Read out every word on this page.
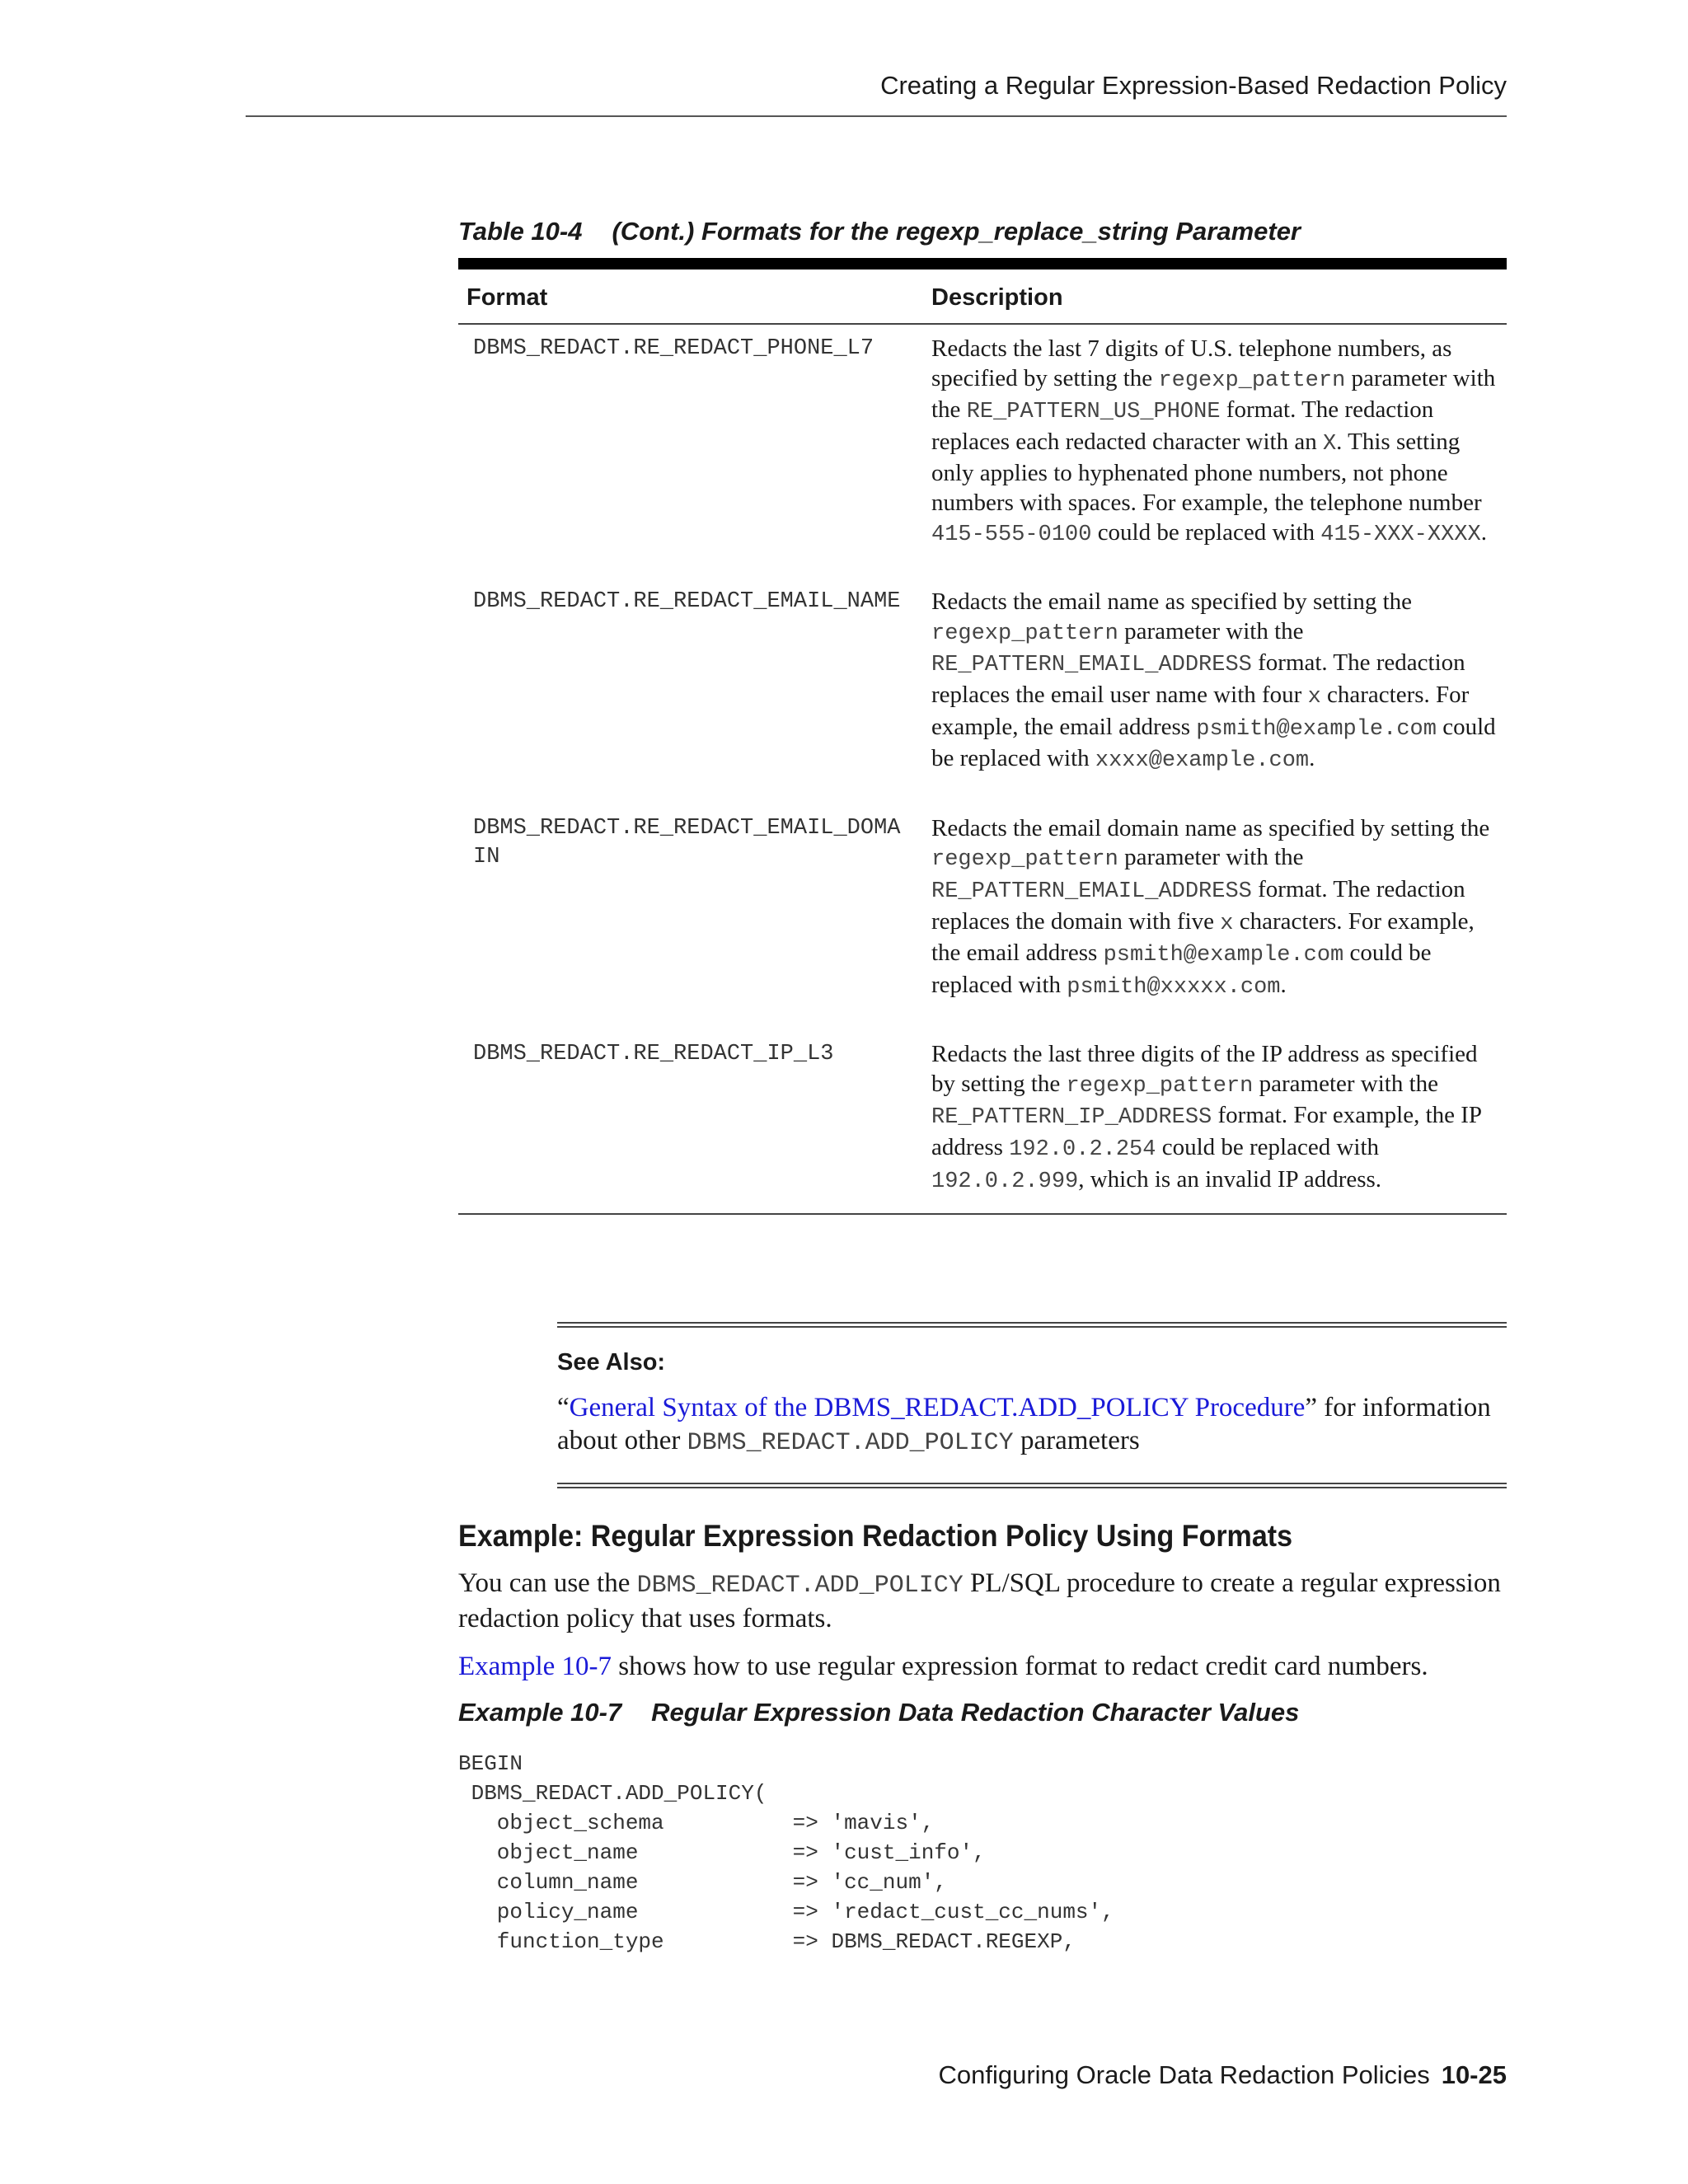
Creating a Regular Expression-Based Redaction Policy
Table 10-4 (Cont.) Formats for the regexp_replace_string Parameter
Format	Description
DBMS_REDACT.RE_REDACT_PHONE_L7	Redacts the last 7 digits of U.S. telephone numbers, as specified by setting the regexp_pattern parameter with the RE_PATTERN_US_PHONE format. The redaction replaces each redacted character with an X. This setting only applies to hyphenated phone numbers, not phone numbers with spaces. For example, the telephone number 415-555-0100 could be replaced with 415-XXX-XXXX.
DBMS_REDACT.RE_REDACT_EMAIL_NAME	Redacts the email name as specified by setting the regexp_pattern parameter with the RE_PATTERN_EMAIL_ADDRESS format. The redaction replaces the email user name with four x characters. For example, the email address psmith@example.com could be replaced with xxxx@example.com.
DBMS_REDACT.RE_REDACT_EMAIL_DOMAIN	Redacts the email domain name as specified by setting the regexp_pattern parameter with the RE_PATTERN_EMAIL_ADDRESS format. The redaction replaces the domain with five x characters. For example, the email address psmith@example.com could be replaced with psmith@xxxxx.com.
DBMS_REDACT.RE_REDACT_IP_L3	Redacts the last three digits of the IP address as specified by setting the regexp_pattern parameter with the RE_PATTERN_IP_ADDRESS format. For example, the IP address 192.0.2.254 could be replaced with 192.0.2.999, which is an invalid IP address.
See Also:

“General Syntax of the DBMS_REDACT.ADD_POLICY Procedure” for information about other DBMS_REDACT.ADD_POLICY parameters

Example: Regular Expression Redaction Policy Using Formats

You can use the DBMS_REDACT.ADD_POLICY PL/SQL procedure to create a regular expression redaction policy that uses formats.

Example 10-7 shows how to use regular expression format to redact credit card numbers.

Example 10-7 Regular Expression Data Redaction Character Values
BEGIN
DBMS_REDACT.ADD_POLICY(
object_schema          => 'mavis',
object_name            => 'cust_info',
column_name            => 'cc_num',
policy_name            => 'redact_cust_cc_nums',
function_type          => DBMS_REDACT.REGEXP,
Configuring Oracle Data Redaction Policies 10-25
